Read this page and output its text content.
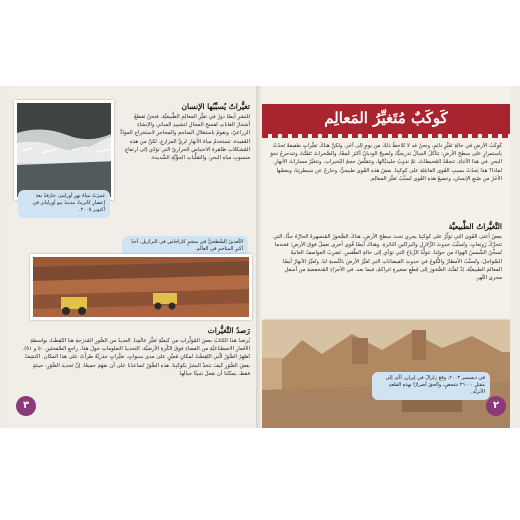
غمرَتْ مياهُ نهرِ أورلينز، جارفةً بعدَ إعصارِ كاترينا، مدينةَ نيو أورليانز في أكتوبر ٢٠٠٥.
تغيُّراتٌ يُسبِّبُها الإنسان
للبَشرِ أيضًا دورٌ في تغيُّرِ المعالِمِ الطَّبيعيَّة. فنحنُ نَقطعُ أشجارَ الغاباتِ لفسحِ المجالِ لتشييدِ المباني والإنشاءِ الزراعيّ، ونقومُ باستغلالِ المناجمِ والمحاجرِ لاستخراجِ الموادِّ المُفيدة. تستخدمُ مياهُ الأنهارِ لريِّ المزارعِ. لكنَّ من هذهِ المُشكلاتِ ظاهرةَ الاحتباسِ الحراريّ التي تؤدّي إلى ارتفاعِ منسوبِ مياهِ البحرِ، والتقلُّباتِ الجوِّيَّةِ الشَّديدة.
التَّعدينُ السَّطحيُّ في منجمٍ كاراجاس في البرازيل، أحدُ أكبرِ المناجمِ في العالَم.
رَصدُ التَّغيُّرات
يُرصَدُ هذا الكتابُ بعضَ المُؤثِّراتِ من كيفيَّةِ تَغيُّرِ عالَمِنا. العديدُ من الصُّورِ المُدرَجةِ هنا التُقِطَتْ بواسطةِ الأقمارِ الاصطناعيَّةِ من الفضاءِ فوقَ الكُرةِ الأرضيَّة. التحديدُ التعلوماتِ حولَ هذا، راجعِ الصَّفحتَينِ ٥٠ و ٥١). تُظهِرُ الصُّوَرُ الّتي التُقِطَتْ لمكانٍ مُعيَّنٍ على مدى سنواتٍ، تغيُّراتٍ جذريَّةً طرأَتْ على هذا المكان. اكتشِفْ بعضَ الصُّوَرِ كيفَ تتخذُ البشرُ بكوكبِنا. هذهِ الصُّوَرُ تُساعدُنا على أن نفهَمَ جميعًا. إنَّ تَحديدَ الصُّوَرِ، حينئذٍ فقط، يمكنُنا أن نفعلَ شيئًا حيالَها.
٣
كَوكَبٌ مُتَغيِّرُ المَعالِم
كَوكَبُ الأرضِ في حالةِ تَغَيُّرٍ دائِمٍ، ونحنُ قد لا نُلاحظُ ذلكَ من يومٍ إلى آخَر، ولكنَّ هناكَ تغيُّراتٍ طفيفةً تَحدُثُ باستمرارٍ على سطحِ الأرضِ: تتآكلُ الجبالُ تدريجيًّا، وتُصبِحُ الوديانُ أكثرَ عُمقًا، والصَّخراتُ تَتَفَتَّتُ وتتدحرجُ نحوَ البحرِ. في هذا الأثناءِ، تتجمَّدُ المُحيطاتُ، ثمَّ تذوبُ جليديَّاتُها، وتتقلَّصُ حجمُ البُحيراتِ، وتتغيَّرُ مساراتُ الأنهارِ. لماذا؟ هذا يَحدُثُ بسببِ القُوى الفاعِلةِ على كوكبِنا. بعضُ هذهِ القُوى طبيعيٌّ، وخارجٌ عن سَيطرتِنا، وبعضُها الآخَرُ من صُنعِ الإنسانِ، وجميعُ هذهِ القُوى تُسبِّبُ تَغيُّرَ المعالِم.
التَّغيُّراتُ الطَّبيعيَّة
بعضُ أعتى القُوى التي تؤثِّرُ على كوكبِنا يجري تحتَ سطحِ الأرضِ. هناكَ الصُّخورُ المُنصهرةُ الحارَّةُ جدًّا، التي تتحرَّكُ زَوبَعاتٍ، وتُسبِّبُ حدوثَ الزَّلازلِ والبراكينِ الثائرةِ. وهناكَ أيضًا قُوى أخرى تعملُ فوقَ الأرضِ؛ فعندما تُسخِّنُ الشَّمسُ الهواءَ من حولِنا، تتولَّدُ الرِّياحُ التي تؤدِّي إلى حالةِ الطَّقسِ. تَضرِبُ العواصفُ العاتيةُ السَّواحلَ، وتُسبِّبُ الأمطارُ والثُّلوجُ في حدوثِ الفيضاناتِ التي تُغيِّرُ الأرضَ بالنِّسبةِ لنا. وتُغيِّرُ الأنهارُ أيضًا المعالمَ الطبيعيَّةَ، إذْ تُفتِّتُ الصُّخورَ إلى قِطَعٍ صغيرةٍ تَتراكمُ، فيما بعد، في الأجزاءِ المُنخفضةِ من أسفلِ مجرى النَّهر.
في ديسمبر ٢٠٠٣، وقعَ زلزالٌ في إيران، أدَّى إلى مقتلِ ٢٦٠٠٠ شخصٍ، وألحقَ أضرارًا بهذهِ القلعةِ الأثريَّة.
٢
